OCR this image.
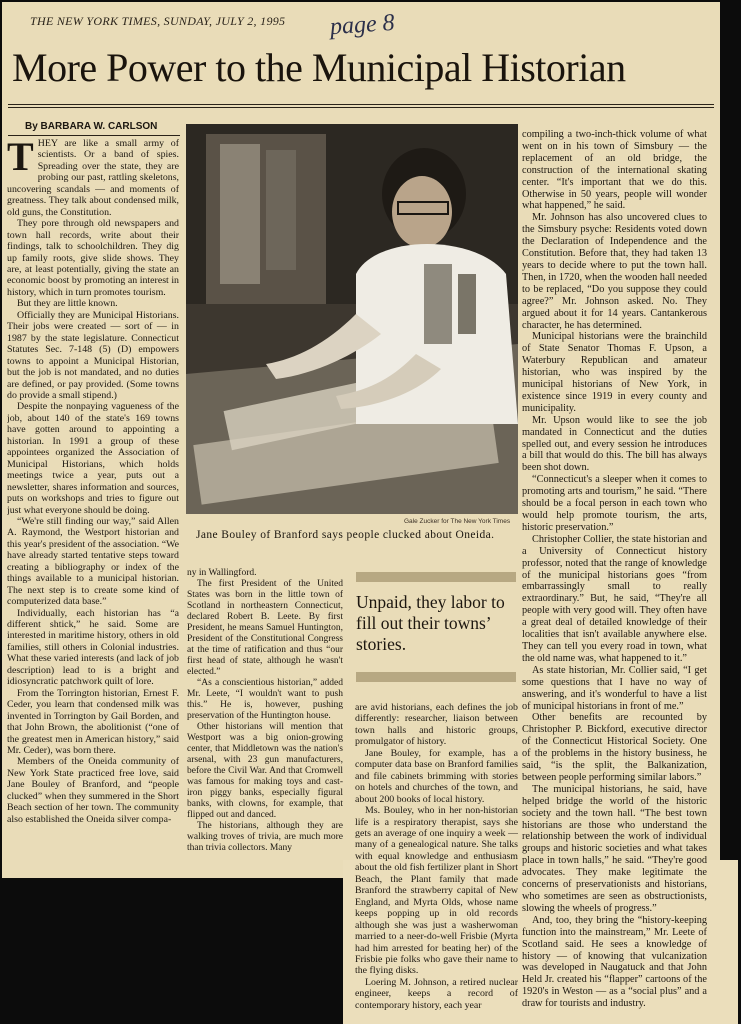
THE NEW YORK TIMES, SUNDAY, JULY 2, 1995 page 8
More Power to the Municipal Historian
By BARBARA W. CARLSON
T HEY are like a small army of scientists. Or a band of spies. Spreading over the state, they are probing our past, rattling skeletons, uncovering scandals — and moments of greatness. They talk about condensed milk, old guns, the Constitution.

They pore through old newspapers and town hall records, write about their findings, talk to schoolchildren. They dig up family roots, give slide shows. They are, at least potentially, giving the state an economic boost by promoting an interest in history, which in turn promotes tourism.

But they are little known.

Officially they are Municipal Historians. Their jobs were created — sort of — in 1987 by the state legislature. Connecticut Statutes Sec. 7-148 (5) (D) empowers towns to appoint a Municipal Historian, but the job is not mandated, and no duties are defined, or pay provided. (Some towns do provide a small stipend.)

Despite the nonpaying vagueness of the job, about 140 of the state's 169 towns have gotten around to appointing a historian. In 1991 a group of these appointees organized the Association of Municipal Historians, which holds meetings twice a year, puts out a newsletter, shares information and sources, puts on workshops and tries to figure out just what everyone should be doing.

“We're still finding our way,” said Allen A. Raymond, the Westport historian and this year's president of the association. “We have already started tentative steps toward creating a bibliography or index of the things available to a municipal historian. The next step is to create some kind of computerized data base.”

Individually, each historian has “a different shtick,” he said. Some are interested in maritime history, others in old families, still others in Colonial industries. What these varied interests (and lack of job description) lead to is a bright and idiosyncratic patchwork quilt of lore.

From the Torrington historian, Ernest F. Ceder, you learn that condensed milk was invented in Torrington by Gail Borden, and that John Brown, the abolitionist (“one of the greatest men in American history,” said Mr. Ceder), was born there.

Members of the Oneida community of New York State practiced free love, said Jane Bouley of Branford, and “people clucked” when they summered in the Short Beach section of her town. The community also established the Oneida silver compa-

Gale Zucker for The New York Times
Jane Bouley of Branford says people clucked about Oneida.

ny in Wallingford.

The first President of the United States was born in the little town of Scotland in northeastern Connecticut, declared Robert B. Leete. By first President, he means Samuel Huntington, President of the Constitutional Congress at the time of ratification and thus “our first head of state, although he wasn't elected.”

“As a conscientious historian,” added Mr. Leete, “I wouldn't want to push this.” He is, however, pushing preservation of the Huntington house.

Other historians will mention that Westport was a big onion-growing center, that Middletown was the nation's arsenal, with 23 gun manufacturers, before the Civil War. And that Cromwell was famous for making toys and cast-iron piggy banks, especially figural banks, with clowns, for example, that flipped out and danced.

The historians, although they are walking troves of trivia, are much more than trivia collectors. Many

Unpaid, they labor to fill out their towns’ stories.

are avid historians, each defines the job differently: researcher, liaison between town halls and historic groups, promulgator of history.

Jane Bouley, for example, has a computer data base on Branford families and file cabinets brimming with stories on hotels and churches of the town, and about 200 books of local history.

Ms. Bouley, who in her non-historian life is a respiratory therapist, says she gets an average of one inquiry a week — many of a genealogical nature. She talks with equal knowledge and enthusiasm about the old fish fertilizer plant in Short Beach, the Plant family that made Branford the strawberry capital of New England, and Myrta Olds, whose name keeps popping up in old records although she was just a washerwoman married to a neer-do-well Frisbie (Myrta had him arrested for beating her) of the Frisbie pie folks who gave their name to the flying disks.

Loering M. Johnson, a retired nuclear engineer, keeps a record of contemporary history, each year

compiling a two-inch-thick volume of what went on in his town of Simsbury — the replacement of an old bridge, the construction of the international skating center. “It's important that we do this. Otherwise in 50 years, people will wonder what happened,” he said.

Mr. Johnson has also uncovered clues to the Simsbury psyche: Residents voted down the Declaration of Independence and the Constitution. Before that, they had taken 13 years to decide where to put the town hall. Then, in 1720, when the wooden hall needed to be replaced, “Do you suppose they could agree?” Mr. Johnson asked. No. They argued about it for 14 years. Cantankerous character, he has determined.

Municipal historians were the brainchild of State Senator Thomas F. Upson, a Waterbury Republican and amateur historian, who was inspired by the municipal historians of New York, in existence since 1919 in every county and municipality.

Mr. Upson would like to see the job mandated in Connecticut and the duties spelled out, and every session he introduces a bill that would do this. The bill has always been shot down.

“Connecticut's a sleeper when it comes to promoting arts and tourism,” he said. “There should be a focal person in each town who would help promote tourism, the arts, historic preservation.”

Christopher Collier, the state historian and a University of Connecticut history professor, noted that the range of knowledge of the municipal historians goes “from embarrassingly small to really extraordinary.” But, he said, “They're all people with very good will. They often have a great deal of detailed knowledge of their localities that isn't available anywhere else. They can tell you every road in town, what the old name was, what happened to it.”

As state historian, Mr. Collier said, “I get some questions that I have no way of answering, and it's wonderful to have a list of municipal historians in front of me.”

Other benefits are recounted by Christopher P. Bickford, executive director of the Connecticut Historical Society. One of the problems in the history business, he said, “is the split, the Balkanization, between people performing similar labors.”

The municipal historians, he said, have helped bridge the world of the historic society and the town hall. “The best town historians are those who understand the relationship between the work of individual groups and historic societies and what takes place in town halls,” he said. “They're good advocates. They make legitimate the concerns of preservationists and historians, who sometimes are seen as obstructionists, slowing the wheels of progress.”

And, too, they bring the “history-keeping function into the mainstream,” Mr. Leete of Scotland said. He sees a knowledge of history — of knowing that vulcanization was developed in Naugatuck and that John Held Jr. created his “flapper” cartoons of the 1920's in Weston — as a “social plus” and a draw for tourists and industry.
